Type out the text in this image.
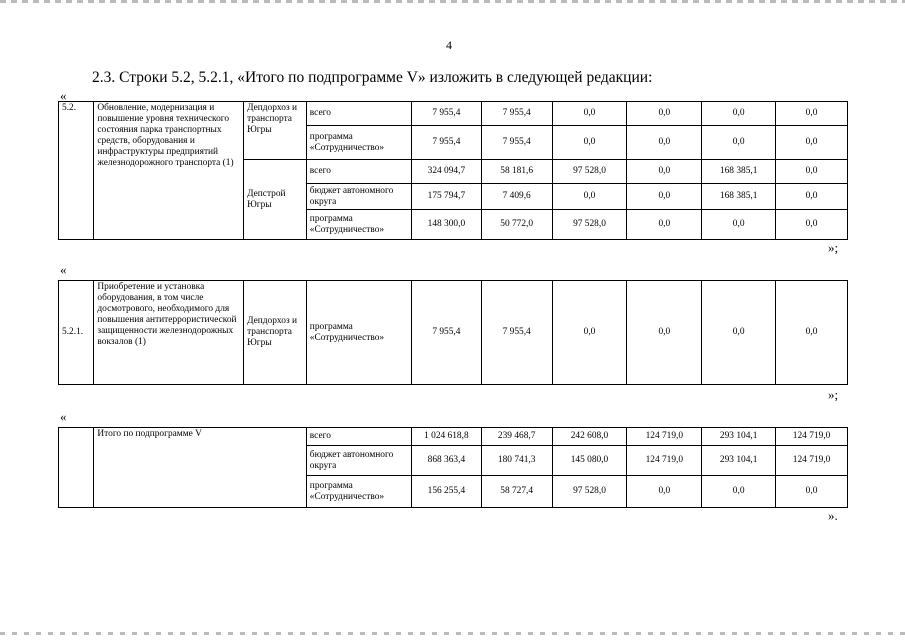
4
2.3. Строки 5.2, 5.2.1, «Итого по подпрограмме V» изложить в следующей редакции:
«
5.2.	Обновление, модернизация и повышение уровня технического состояния парка транспортных средств, оборудования и инфраструктуры предприятий железнодорожного транспорта (1)	Депдорхоз и транспорта Югры	всего	7 955,4	7 955,4	0,0	0,0	0,0	0,0
			программа «Сотрудничество»	7 955,4	7 955,4	0,0	0,0	0,0	0,0
		Депстрой Югры	всего	324 094,7	58 181,6	97 528,0	0,0	168 385,1	0,0
			бюджет автономного округа	175 794,7	7 409,6	0,0	0,0	168 385,1	0,0
			программа «Сотрудничество»	148 300,0	50 772,0	97 528,0	0,0	0,0	0,0
»;
«
5.2.1.	Приобретение и установка оборудования, в том числе досмотрового, необходимого для повышения антитеррористической защищенности железнодорожных вокзалов (1)	Депдорхоз и транспорта Югры	программа «Сотрудничество»	7 955,4	7 955,4	0,0	0,0	0,0	0,0
»;
«
	Итого по подпрограмме V	всего	1 024 618,8	239 468,7	242 608,0	124 719,0	293 104,1	124 719,0
		бюджет автономного округа	868 363,4	180 741,3	145 080,0	124 719,0	293 104,1	124 719,0
		программа «Сотрудничество»	156 255,4	58 727,4	97 528,0	0,0	0,0	0,0
».
